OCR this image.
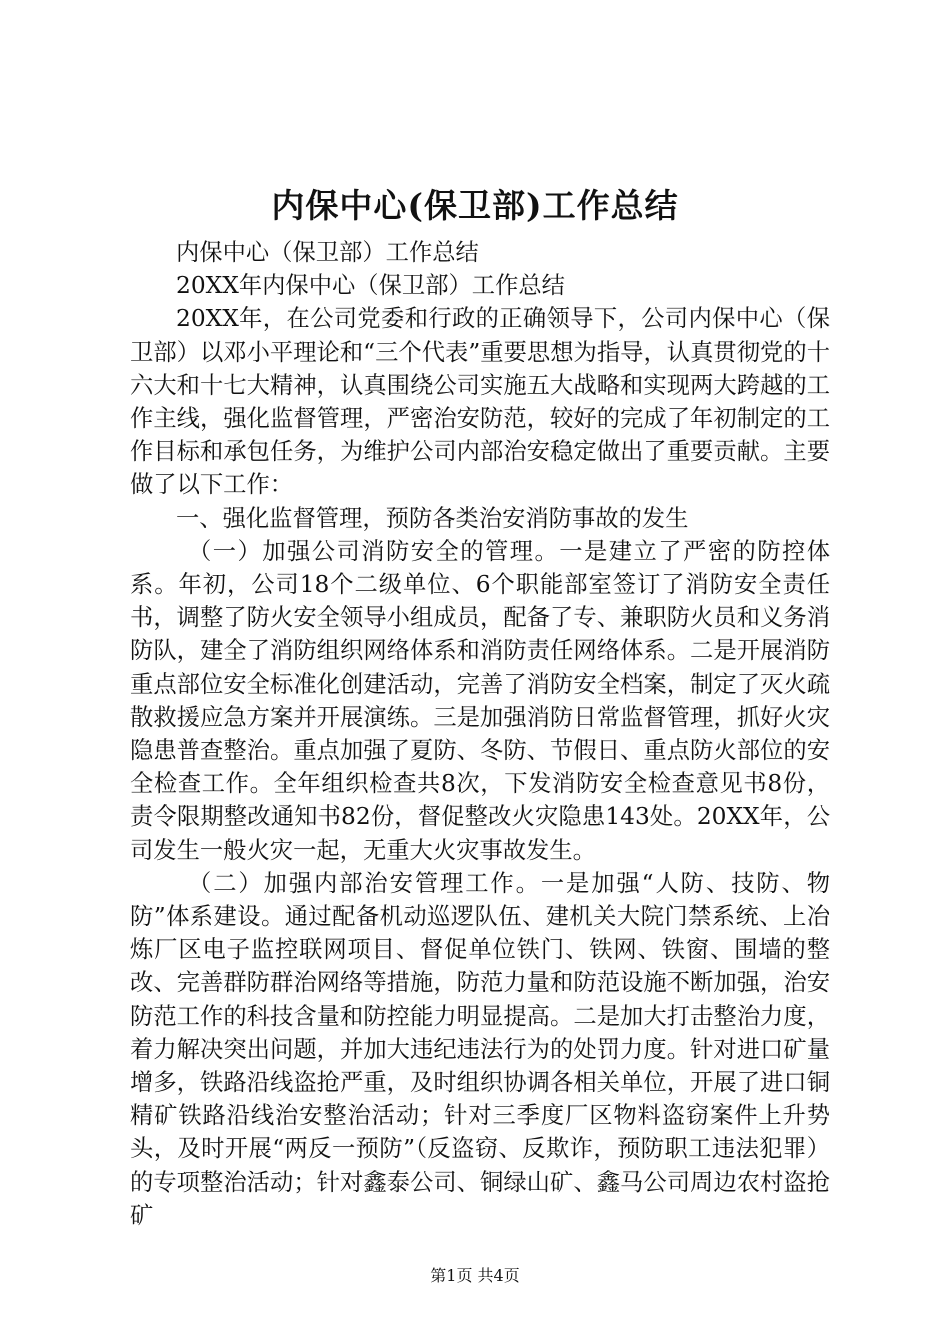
内保中心(保卫部)工作总结

内保中心（保卫部）工作总结

20XX年内保中心（保卫部）工作总结

20XX年，在公司党委和行政的正确领导下，公司内保中心（保卫部）以邓小平理论和“三个代表”重要思想为指导，认真贯彻党的十六大和十七大精神，认真围绕公司实施五大战略和实现两大跨越的工作主线，强化监督管理，严密治安防范，较好的完成了年初制定的工作目标和承包任务，为维护公司内部治安稳定做出了重要贡献。主要做了以下工作：

一、强化监督管理，预防各类治安消防事故的发生

（一）加强公司消防安全的管理。一是建立了严密的防控体系。年初，公司18个二级单位、6个职能部室签订了消防安全责任书，调整了防火安全领导小组成员，配备了专、兼职防火员和义务消防队，建全了消防组织网络体系和消防责任网络体系。二是开展消防重点部位安全标准化创建活动，完善了消防安全档案，制定了灭火疏散救援应急方案并开展演练。三是加强消防日常监督管理，抓好火灾隐患普查整治。重点加强了夏防、冬防、节假日、重点防火部位的安全检查工作。全年组织检查共8次，下发消防安全检查意见书8份，责令限期整改通知书82份，督促整改火灾隐患143处。20XX年，公司发生一般火灾一起，无重大火灾事故发生。

（二）加强内部治安管理工作。一是加强“人防、技防、物防”体系建设。通过配备机动巡逻队伍、建机关大院门禁系统、上冶炼厂区电子监控联网项目、督促单位铁门、铁网、铁窗、围墙的整改、完善群防群治网络等措施，防范力量和防范设施不断加强，治安防范工作的科技含量和防控能力明显提高。二是加大打击整治力度，着力解决突出问题，并加大违纪违法行为的处罚力度。针对进口矿量增多，铁路沿线盗抢严重，及时组织协调各相关单位，开展了进口铜精矿铁路沿线治安整治活动；针对三季度厂区物料盗窃案件上升势头，及时开展“两反一预防”（反盗窃、反欺诈，预防职工违法犯罪）的专项整治活动；针对鑫泰公司、铜绿山矿、鑫马公司周边农村盗抢矿

第1页 共4页
